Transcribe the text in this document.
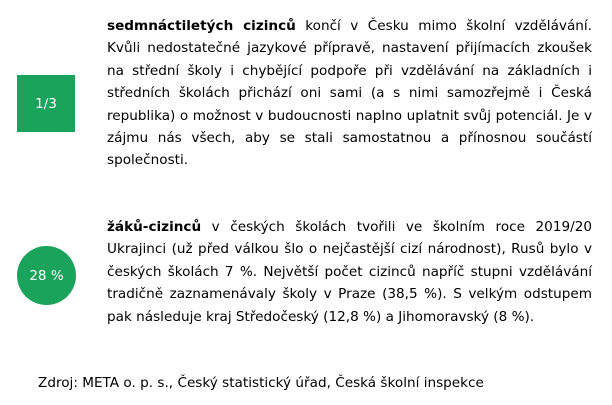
1/3
sedmnáctiletých cizinců končí v Česku mimo školní vzdělávání. Kvůli nedostatečné jazykové přípravě, nastavení přijímacích zkoušek na střední školy i chybějící podpoře při vzdělávání na základních i středních školách přichází oni sami (a s nimi samozřejmě i Česká republika) o možnost v budoucnosti naplno uplatnit svůj potenciál. Je v zájmu nás všech, aby se stali samostatnou a přínosnou součástí společnosti.
28 %
žáků-cizinců v českých školách tvořili ve školním roce 2019/20 Ukrajinci (už před válkou šlo o nejčastější cizí národnost), Rusů bylo v českých školách 7 %. Největší počet cizinců napříč stupni vzdělávání tradičně zaznamenávaly školy v Praze (38,5 %). S velkým odstupem pak následuje kraj Středočeský (12,8 %) a Jihomoravský (8 %).
Zdroj: META o. p. s., Český statistický úřad, Česká školní inspekce
